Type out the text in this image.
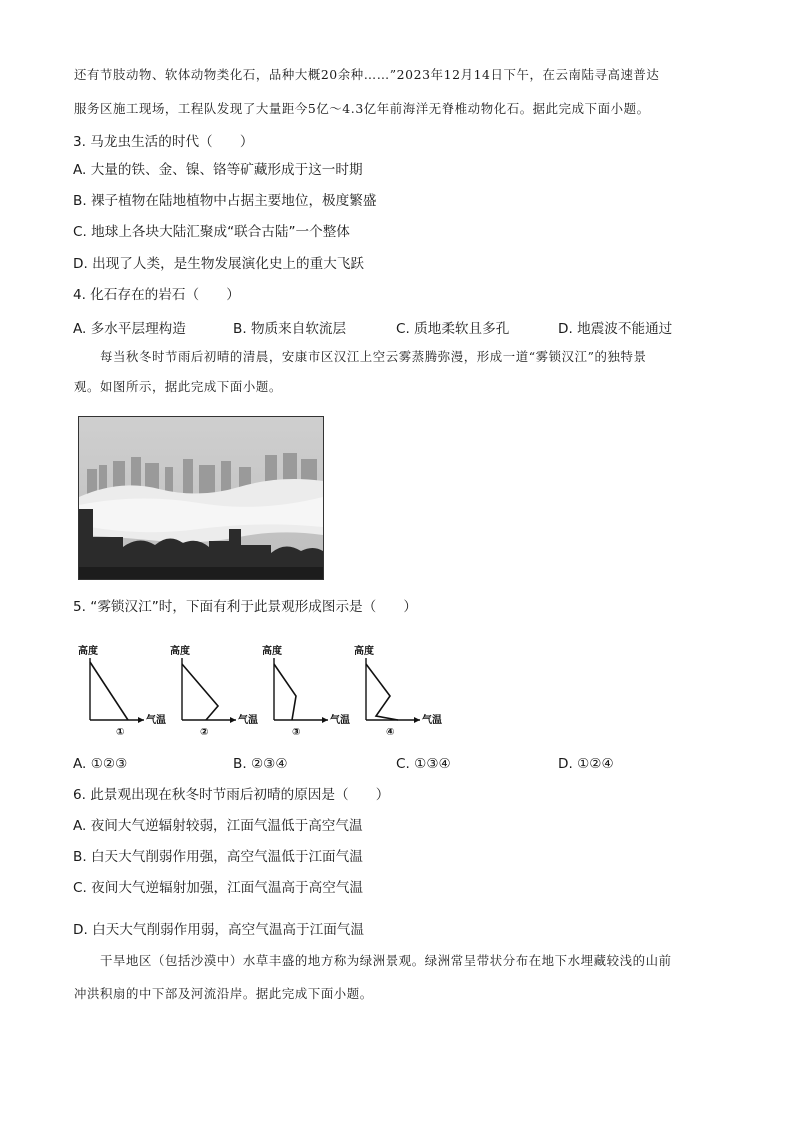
还有节肢动物、软体动物类化石，品种大概20余种……”2023年12月14日下午，在云南陆寻高速普达
服务区施工现场，工程队发现了大量距今5亿～4.3亿年前海洋无脊椎动物化石。据此完成下面小题。
3. 马龙虫生活的时代（　　）
A. 大量的铁、金、镍、铬等矿藏形成于这一时期
B. 裸子植物在陆地植物中占据主要地位，极度繁盛
C. 地球上各块大陆汇聚成“联合古陆”一个整体
D. 出现了人类，是生物发展演化史上的重大飞跃
4. 化石存在的岩石（　　）
A. 多水平层理构造	B. 物质来自软流层	C. 质地柔软且多孔	D. 地震波不能通过
每当秋冬时节雨后初晴的清晨，安康市区汉江上空云雾蒸腾弥漫，形成一道“雾锁汉江”的独特景
观。如图所示，据此完成下面小题。
5. “雾锁汉江”时，下面有利于此景观形成图示是（　　）
高度
气温
①
高度
气温
②
高度
气温
③
高度
气温
④
A. ①②③	B. ②③④	C. ①③④	D. ①②④
6. 此景观出现在秋冬时节雨后初晴的原因是（　　）
A. 夜间大气逆辐射较弱，江面气温低于高空气温
B. 白天大气削弱作用强，高空气温低于江面气温
C. 夜间大气逆辐射加强，江面气温高于高空气温
D. 白天大气削弱作用弱，高空气温高于江面气温
干旱地区（包括沙漠中）水草丰盛的地方称为绿洲景观。绿洲常呈带状分布在地下水埋藏较浅的山前
冲洪积扇的中下部及河流沿岸。据此完成下面小题。
